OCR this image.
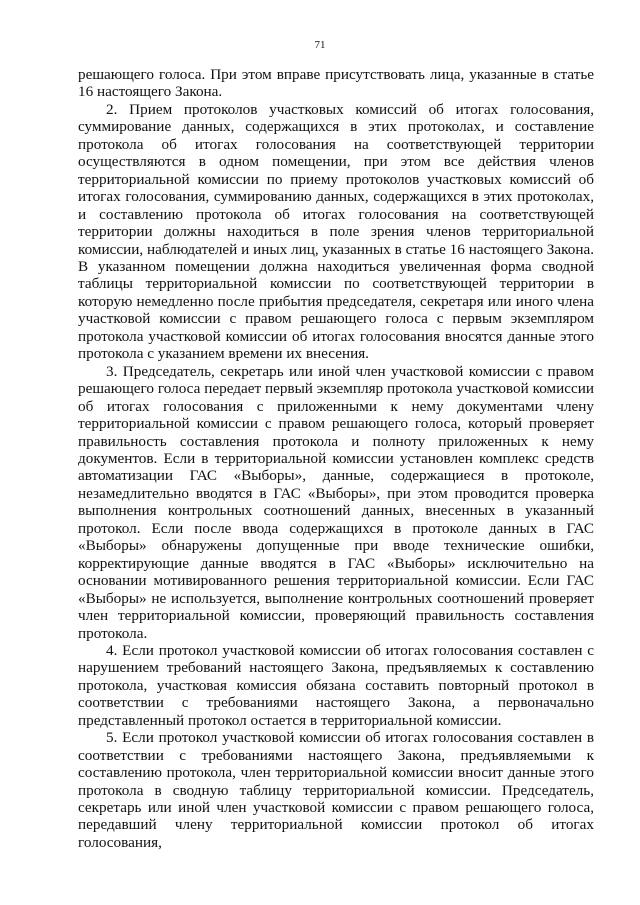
71

решающего голоса. При этом вправе присутствовать лица, указанные в статье 16 настоящего Закона.

2. Прием протоколов участковых комиссий об итогах голосования, суммирование данных, содержащихся в этих протоколах, и составление протокола об итогах голосования на соответствующей территории осуществляются в одном помещении, при этом все действия членов территориальной комиссии по приему протоколов участковых комиссий об итогах голосования, суммированию данных, содержащихся в этих протоколах, и составлению протокола об итогах голосования на соответствующей территории должны находиться в поле зрения членов территориальной комиссии, наблюдателей и иных лиц, указанных в статье 16 настоящего Закона. В указанном помещении должна находиться увеличенная форма сводной таблицы территориальной комиссии по соответствующей территории в которую немедленно после прибытия председателя, секретаря или иного члена участковой комиссии с правом решающего голоса с первым экземпляром протокола участковой комиссии об итогах голосования вносятся данные этого протокола с указанием времени их внесения.

3. Председатель, секретарь или иной член участковой комиссии с правом решающего голоса передает первый экземпляр протокола участковой комиссии об итогах голосования с приложенными к нему документами члену территориальной комиссии с правом решающего голоса, который проверяет правильность составления протокола и полноту приложенных к нему документов. Если в территориальной комиссии установлен комплекс средств автоматизации ГАС «Выборы», данные, содержащиеся в протоколе, незамедлительно вводятся в ГАС «Выборы», при этом проводится проверка выполнения контрольных соотношений данных, внесенных в указанный протокол. Если после ввода содержащихся в протоколе данных в ГАС «Выборы» обнаружены допущенные при вводе технические ошибки, корректирующие данные вводятся в ГАС «Выборы» исключительно на основании мотивированного решения территориальной комиссии. Если ГАС «Выборы» не используется, выполнение контрольных соотношений проверяет член территориальной комиссии, проверяющий правильность составления протокола.

4. Если протокол участковой комиссии об итогах голосования составлен с нарушением требований настоящего Закона, предъявляемых к составлению протокола, участковая комиссия обязана составить повторный протокол в соответствии с требованиями настоящего Закона, а первоначально представленный протокол остается в территориальной комиссии.

5. Если протокол участковой комиссии об итогах голосования составлен в соответствии с требованиями настоящего Закона, предъявляемыми к составлению протокола, член территориальной комиссии вносит данные этого протокола в сводную таблицу территориальной комиссии. Председатель, секретарь или иной член участковой комиссии с правом решающего голоса, передавший члену территориальной комиссии протокол об итогах голосования,
